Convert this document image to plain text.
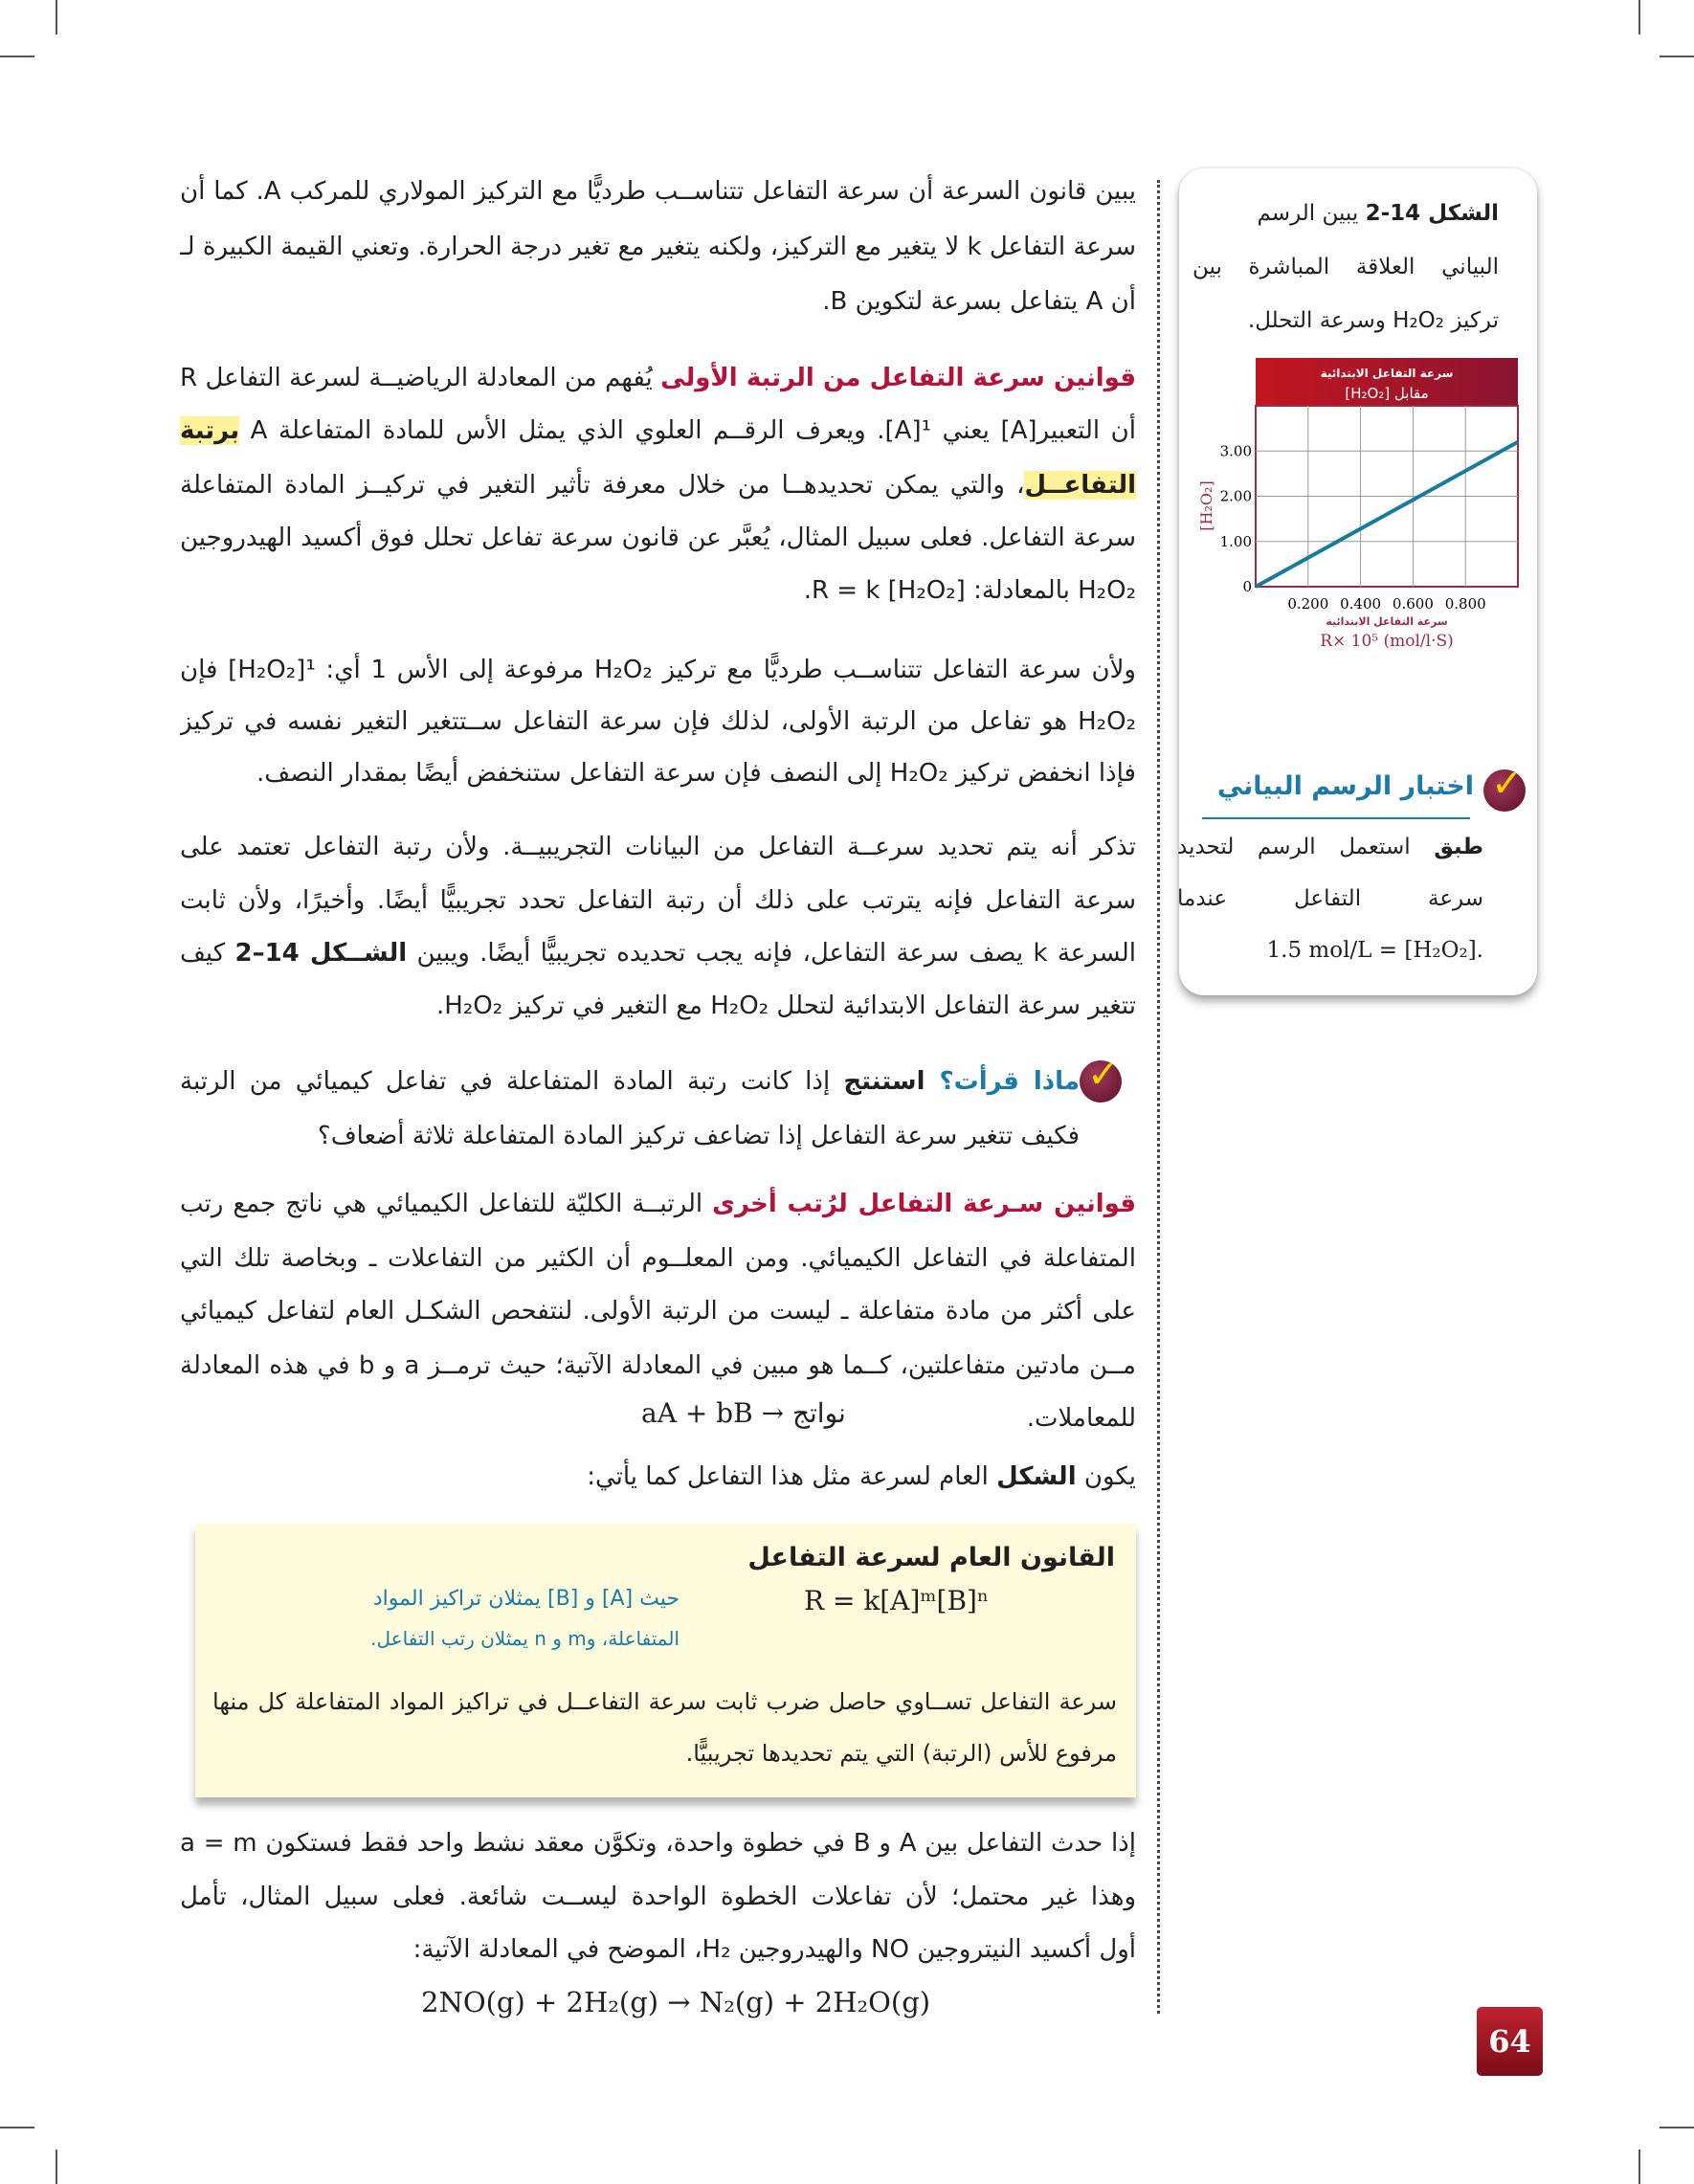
يبين قانون السرعة أن سرعة التفاعل تتناســب طرديًّا مع التركيز المولاري للمركب A. كما أن
سرعة التفاعل k لا يتغير مع التركيز، ولكنه يتغير مع تغير درجة الحرارة. وتعني القيمة الكبيرة لـ
أن A يتفاعل بسرعة لتكوين B.
قوانين سرعة التفاعل من الرتبة الأولى يُفهم من المعادلة الرياضيــة لسرعة التفاعل R
أن التعبير[A] يعني ¹[A]. ويعرف الرقــم العلوي الذي يمثل الأس للمادة المتفاعلة A برتبة
التفاعــل، والتي يمكن تحديدهــا من خلال معرفة تأثير التغير في تركيــز المادة المتفاعلة
سرعة التفاعل. فعلى سبيل المثال، يُعبَّر عن قانون سرعة تفاعل تحلل فوق أكسيد الهيدروجين
H₂O₂ بالمعادلة: R = k [H₂O₂].
ولأن سرعة التفاعل تتناســب طرديًّا مع تركيز H₂O₂ مرفوعة إلى الأس 1 أي: ¹[H₂O₂] فإن
H₂O₂ هو تفاعل من الرتبة الأولى، لذلك فإن سرعة التفاعل ســتتغير التغير نفسه في تركيز
فإذا انخفض تركيز H₂O₂ إلى النصف فإن سرعة التفاعل ستنخفض أيضًا بمقدار النصف.
تذكر أنه يتم تحديد سرعــة التفاعل من البيانات التجريبيــة. ولأن رتبة التفاعل تعتمد على
سرعة التفاعل فإنه يترتب على ذلك أن رتبة التفاعل تحدد تجريبيًّا أيضًا. وأخيرًا، ولأن ثابت
السرعة k يصف سرعة التفاعل، فإنه يجب تحديده تجريبيًّا أيضًا. ويبين الشــكل 14–2 كيف
تتغير سرعة التفاعل الابتدائية لتحلل H₂O₂ مع التغير في تركيز H₂O₂.
ماذا قرأت؟ استنتج إذا كانت رتبة المادة المتفاعلة في تفاعل كيميائي من الرتبة
فكيف تتغير سرعة التفاعل إذا تضاعف تركيز المادة المتفاعلة ثلاثة أضعاف؟
قوانين سـرعة التفاعل لرُتب أخرى الرتبــة الكليّة للتفاعل الكيميائي هي ناتج جمع رتب
المتفاعلة في التفاعل الكيميائي. ومن المعلــوم أن الكثير من التفاعلات ـ وبخاصة تلك التي
على أكثر من مادة متفاعلة ـ ليست من الرتبة الأولى. لنتفحص الشكـل العام لتفاعل كيميائي
مــن مادتين متفاعلتين، كــما هو مبين في المعادلة الآتية؛ حيث ترمــز a و b في هذه المعادلة
للمعاملات.
يكون الشكل العام لسرعة مثل هذا التفاعل كما يأتي:
إذا حدث التفاعل بين A و B في خطوة واحدة، وتكوَّن معقد نشط واحد فقط فستكون a = m
وهذا غير محتمل؛ لأن تفاعلات الخطوة الواحدة ليســت شائعة. فعلى سبيل المثال، تأمل
أول أكسيد النيتروجين NO والهيدروجين H₂، الموضح في المعادلة الآتية:
aA + bB → نواتج
القانون العام لسرعة التفاعل
R = k[A]ᵐ[B]ⁿ
حيث [A] و [B] يمثلان تراكيز المواد
المتفاعلة، وm و n يمثلان رتب التفاعل.
سرعة التفاعل تســاوي حاصل ضرب ثابت سرعة التفاعــل في تراكيز المواد المتفاعلة كل منها
مرفوع للأس (الرتبة) التي يتم تحديدها تجريبيًّا.
2NO(g) + 2H₂(g) → N₂(g) + 2H₂O(g)
✓
الشكل 14-2 يبين الرسم
البياني العلاقة المباشرة بين
تركيز H₂O₂ وسرعة التحلل.
سرعة التفاعل الابتدائية
مقابل [H₂O₂]
0.200 0.400 0.600 0.800
0
1.00
2.00
3.00
سرعة التفاعل الابتدائية
R× 10⁵ (mol/l·S)
[H₂O₂]
✓
اختبار الرسم البياني
طبق استعمل الرسم لتحديد
سرعة التفاعل عندما
.[H₂O₂] = 1.5 mol/L
64
